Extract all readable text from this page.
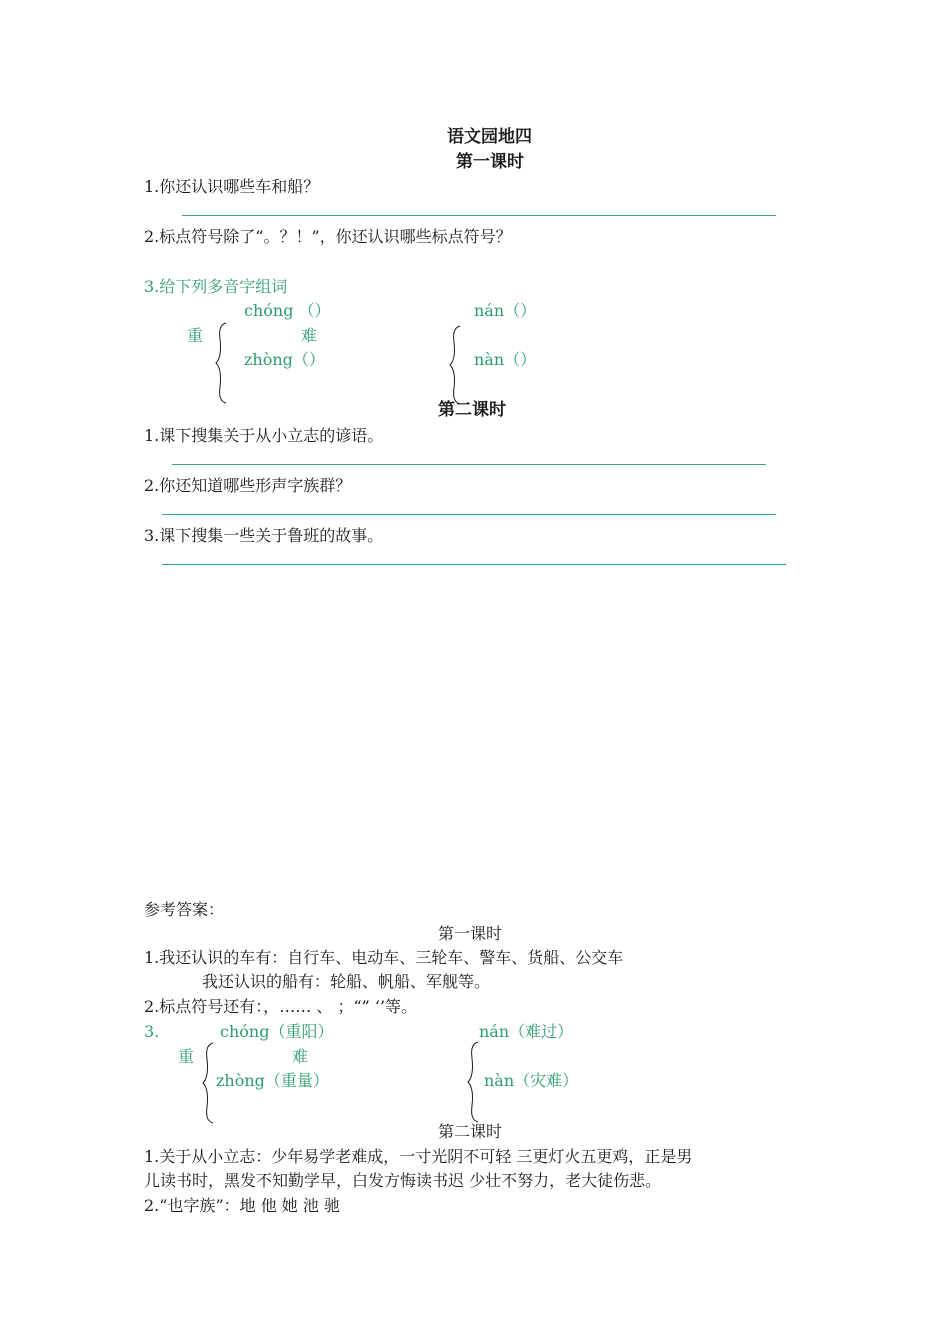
语文园地四
第一课时
1.你还认识哪些车和船？
2.标点符号除了“。？！”，你还认识哪些标点符号？
3.给下列多音字组词
chóng （）
重
zhòng（）
难
nán（）
nàn（）
第二课时
1.课下搜集关于从小立志的谚语。
2.你还知道哪些形声字族群？
3.课下搜集一些关于鲁班的故事。
参考答案：
第一课时
1.我还认识的车有：自行车、电动车、三轮车、警车、货船、公交车
我还认识的船有：轮船、帆船、军舰等。
2.标点符号还有：，…… 、 ；“” ‘’等。
3.	chóng（重阳）
重
zhòng（重量）
难
nán（难过）
nàn（灾难）
第二课时
1.关于从小立志：少年易学老难成，一寸光阴不可轻 三更灯火五更鸡，正是男
儿读书时，黑发不知勤学早，白发方悔读书迟 少壮不努力，老大徒伤悲。
2.“也字族”：地 他 她 池 驰
